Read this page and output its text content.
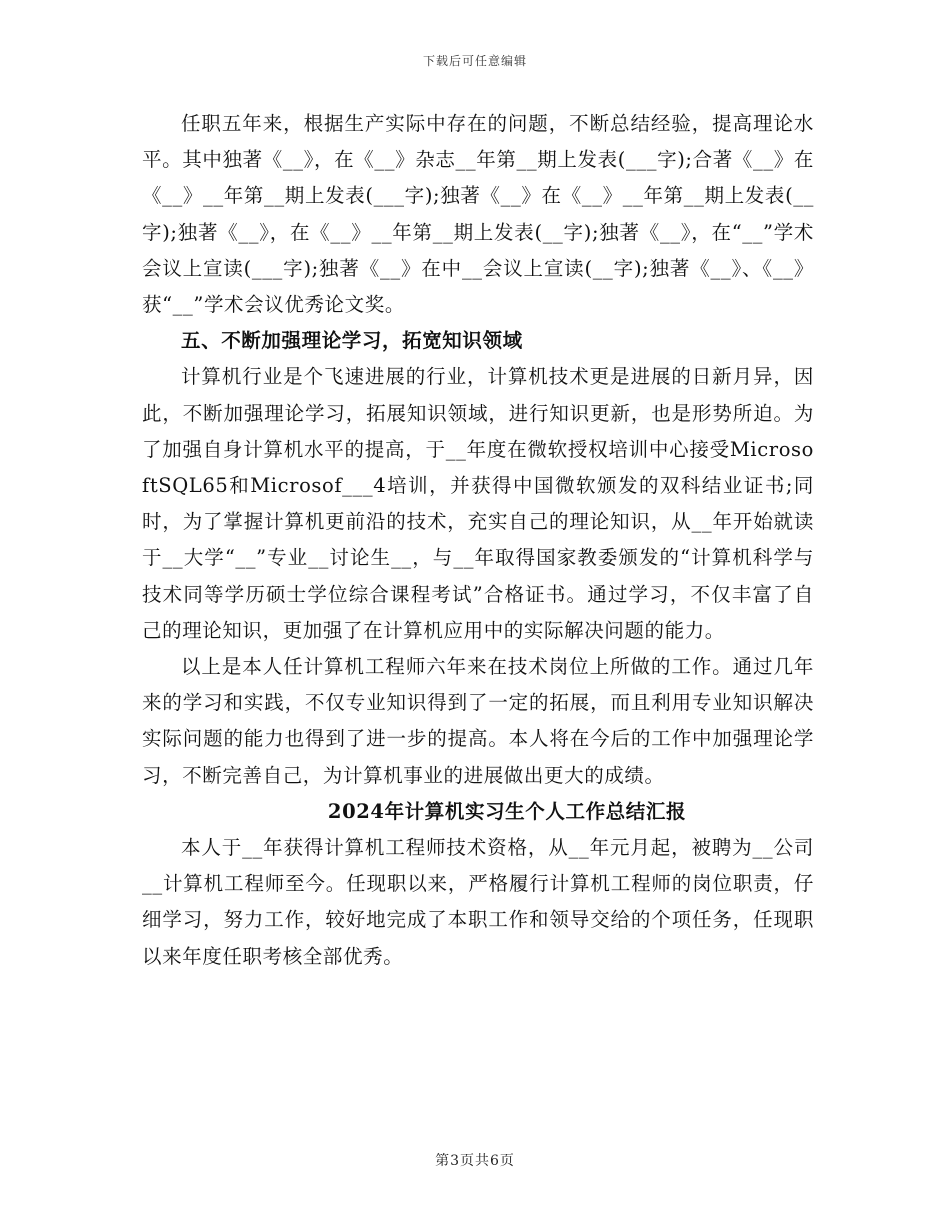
下载后可任意编辑

任职五年来，根据生产实际中存在的问题，不断总结经验，提高理论水平。其中独著《__》，在《__》杂志__年第__期上发表(___字);合著《__》在《__》__年第__期上发表(___字);独著《__》在《__》__年第__期上发表(__字);独著《__》，在《__》__年第__期上发表(__字);独著《__》，在“__”学术会议上宣读(___字);独著《__》在中__会议上宣读(__字);独著《__》、《__》获“__”学术会议优秀论文奖。

五、不断加强理论学习，拓宽知识领域

计算机行业是个飞速进展的行业，计算机技术更是进展的日新月异，因此，不断加强理论学习，拓展知识领域，进行知识更新，也是形势所迫。为了加强自身计算机水平的提高，于__年度在微软授权培训中心接受MicrosoftSQL65和Microsof___4培训，并获得中国微软颁发的双科结业证书;同时，为了掌握计算机更前沿的技术，充实自己的理论知识，从__年开始就读于__大学“__”专业__讨论生__，与__年取得国家教委颁发的“计算机科学与技术同等学历硕士学位综合课程考试”合格证书。通过学习，不仅丰富了自己的理论知识，更加强了在计算机应用中的实际解决问题的能力。

以上是本人任计算机工程师六年来在技术岗位上所做的工作。通过几年来的学习和实践，不仅专业知识得到了一定的拓展，而且利用专业知识解决实际问题的能力也得到了进一步的提高。本人将在今后的工作中加强理论学习，不断完善自己，为计算机事业的进展做出更大的成绩。

2024年计算机实习生个人工作总结汇报

本人于__年获得计算机工程师技术资格，从__年元月起，被聘为__公司__计算机工程师至今。任现职以来，严格履行计算机工程师的岗位职责，仔细学习，努力工作，较好地完成了本职工作和领导交给的个项任务，任现职以来年度任职考核全部优秀。

第3页共6页
